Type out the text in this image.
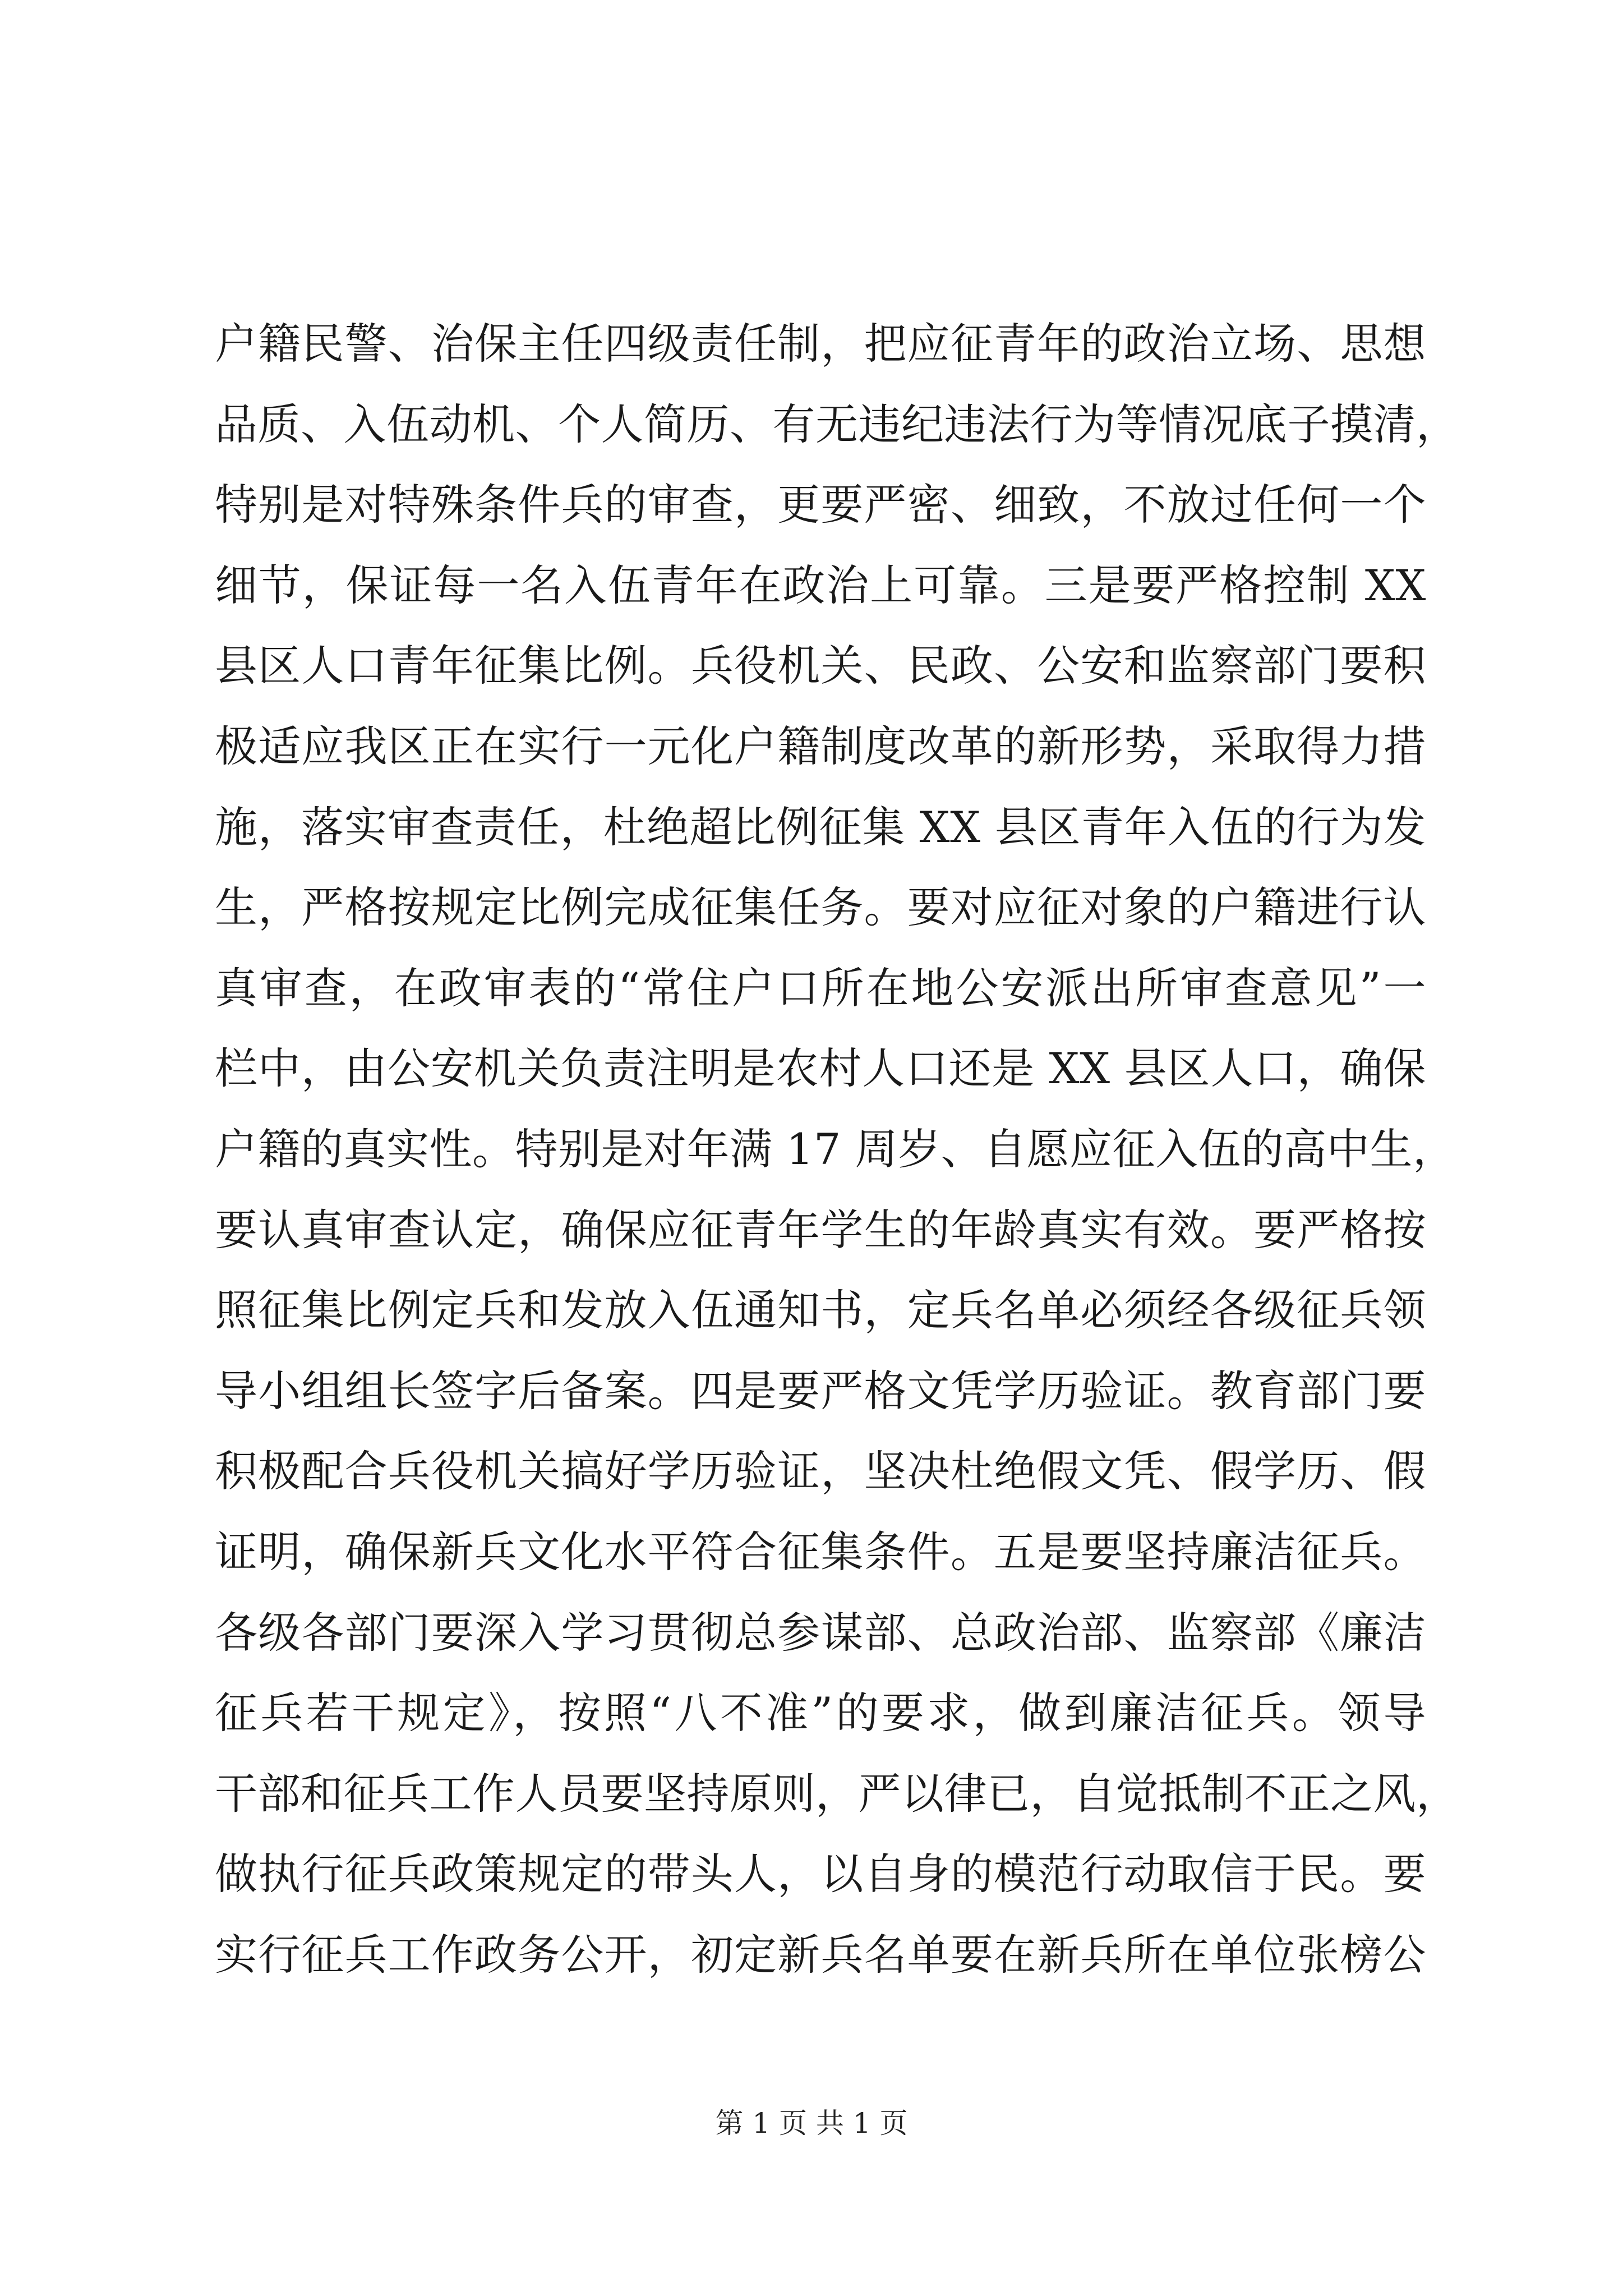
户籍民警、治保主任四级责任制，把应征青年的政治立场、思想
品质、入伍动机、个人简历、有无违纪违法行为等情况底子摸清，
特别是对特殊条件兵的审查，更要严密、细致，不放过任何一个
细节，保证每一名入伍青年在政治上可靠。三是要严格控制 XX
县区人口青年征集比例。兵役机关、民政、公安和监察部门要积
极适应我区正在实行一元化户籍制度改革的新形势，采取得力措
施，落实审查责任，杜绝超比例征集 XX 县区青年入伍的行为发
生，严格按规定比例完成征集任务。要对应征对象的户籍进行认
真审查，在政审表的“常住户口所在地公安派出所审查意见”一
栏中，由公安机关负责注明是农村人口还是 XX 县区人口，确保
户籍的真实性。特别是对年满 17 周岁、自愿应征入伍的高中生，
要认真审查认定，确保应征青年学生的年龄真实有效。要严格按
照征集比例定兵和发放入伍通知书，定兵名单必须经各级征兵领
导小组组长签字后备案。四是要严格文凭学历验证。教育部门要
积极配合兵役机关搞好学历验证，坚决杜绝假文凭、假学历、假
证明，确保新兵文化水平符合征集条件。五是要坚持廉洁征兵。
各级各部门要深入学习贯彻总参谋部、总政治部、监察部《廉洁
征兵若干规定》，按照“八不准”的要求，做到廉洁征兵。领导
干部和征兵工作人员要坚持原则，严以律已，自觉抵制不正之风，
做执行征兵政策规定的带头人，以自身的模范行动取信于民。要
实行征兵工作政务公开，初定新兵名单要在新兵所在单位张榜公
第 1 页 共 1 页
